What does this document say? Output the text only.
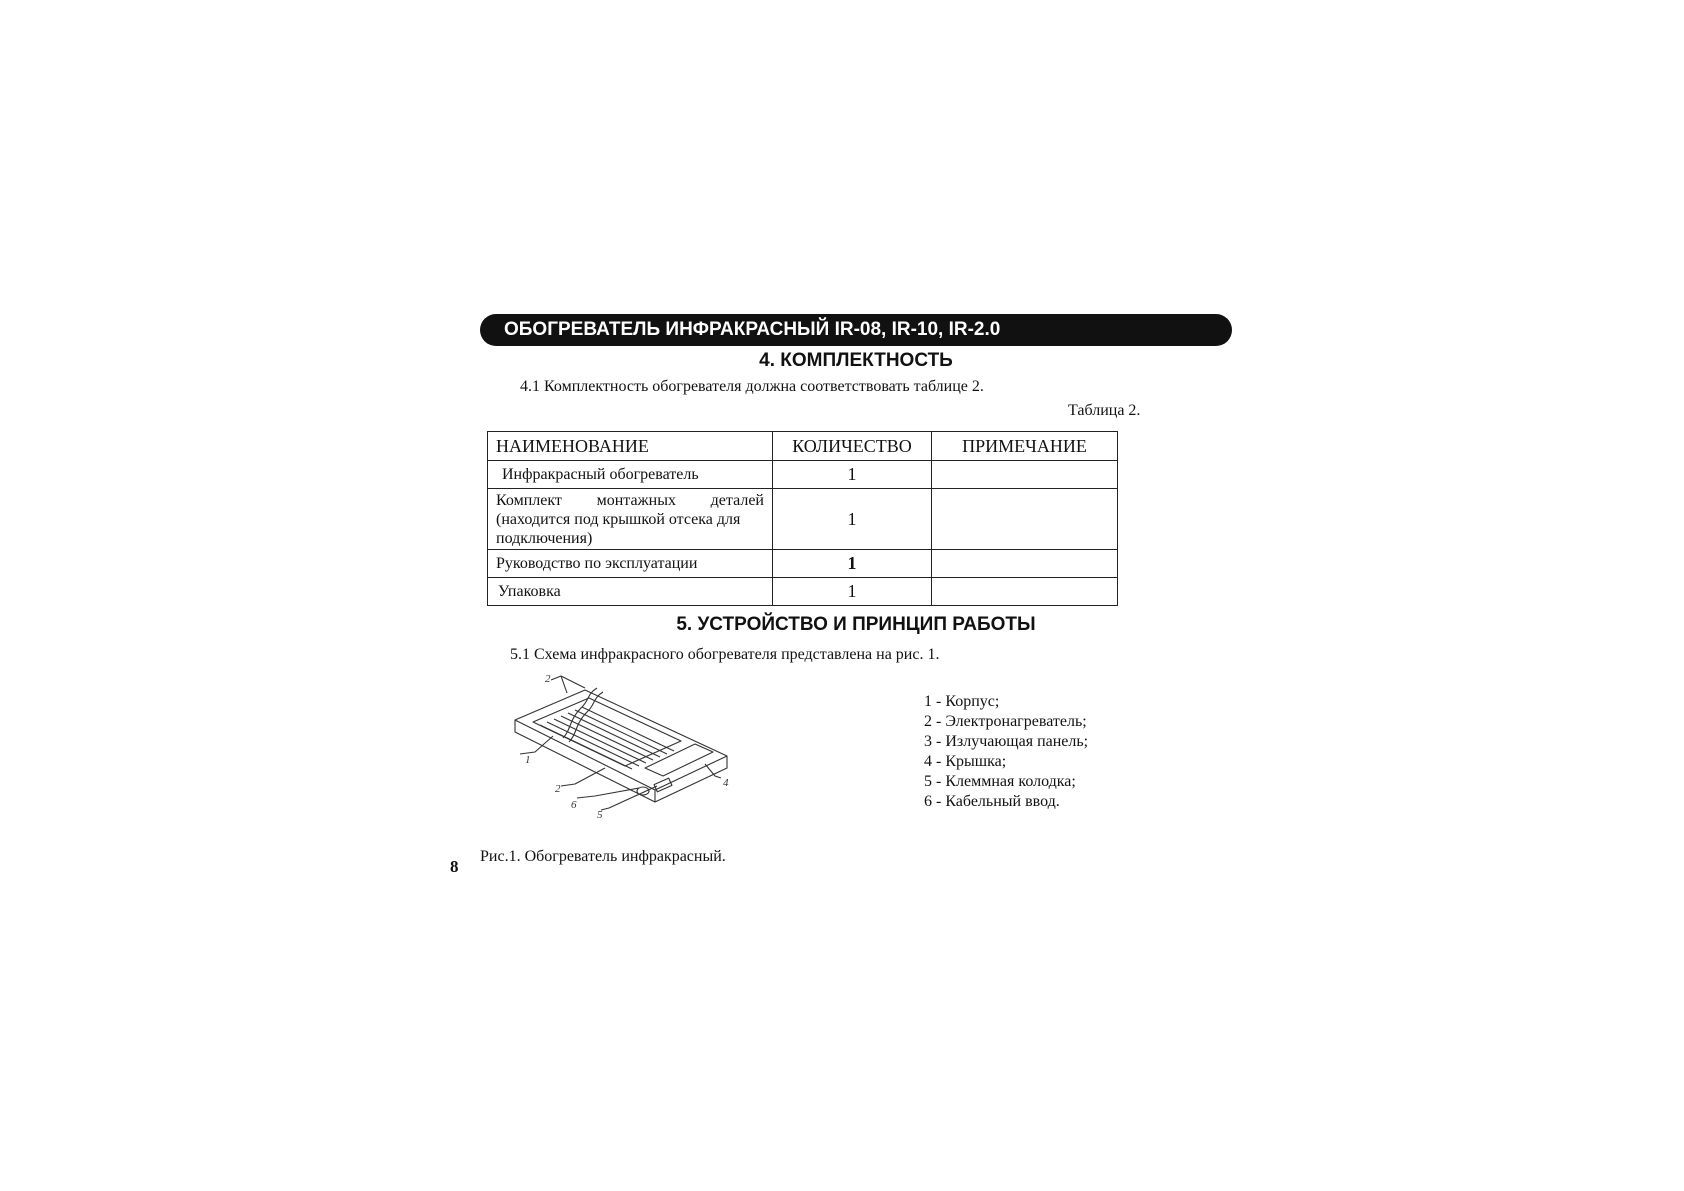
ОБОГРЕВАТЕЛЬ ИНФРАКРАСНЫЙ IR-08, IR-10, IR-2.0
4. КОМПЛЕКТНОСТЬ
4.1 Комплектность обогревателя должна соответствовать таблице 2.
Таблица 2.
НАИМЕНОВАНИЕ	КОЛИЧЕСТВО	ПРИМЕЧАНИЕ
Инфракрасный обогреватель	1	

Комплект монтажных деталей
(находится под крышкой отсека для
подключения)	1	
Руководство по эксплуатации	1	
Упаковка	1	
5. УСТРОЙСТВО И ПРИНЦИП РАБОТЫ
5.1 Схема инфракрасного обогревателя представлена на рис. 1.
1
2
2	4
5
6
1 - Корпус;
2 - Электронагреватель;
3 - Излучающая панель;
4 - Крышка;
5 - Клеммная колодка;
6 - Кабельный ввод.
Рис.1. Обогреватель инфракрасный.
8
